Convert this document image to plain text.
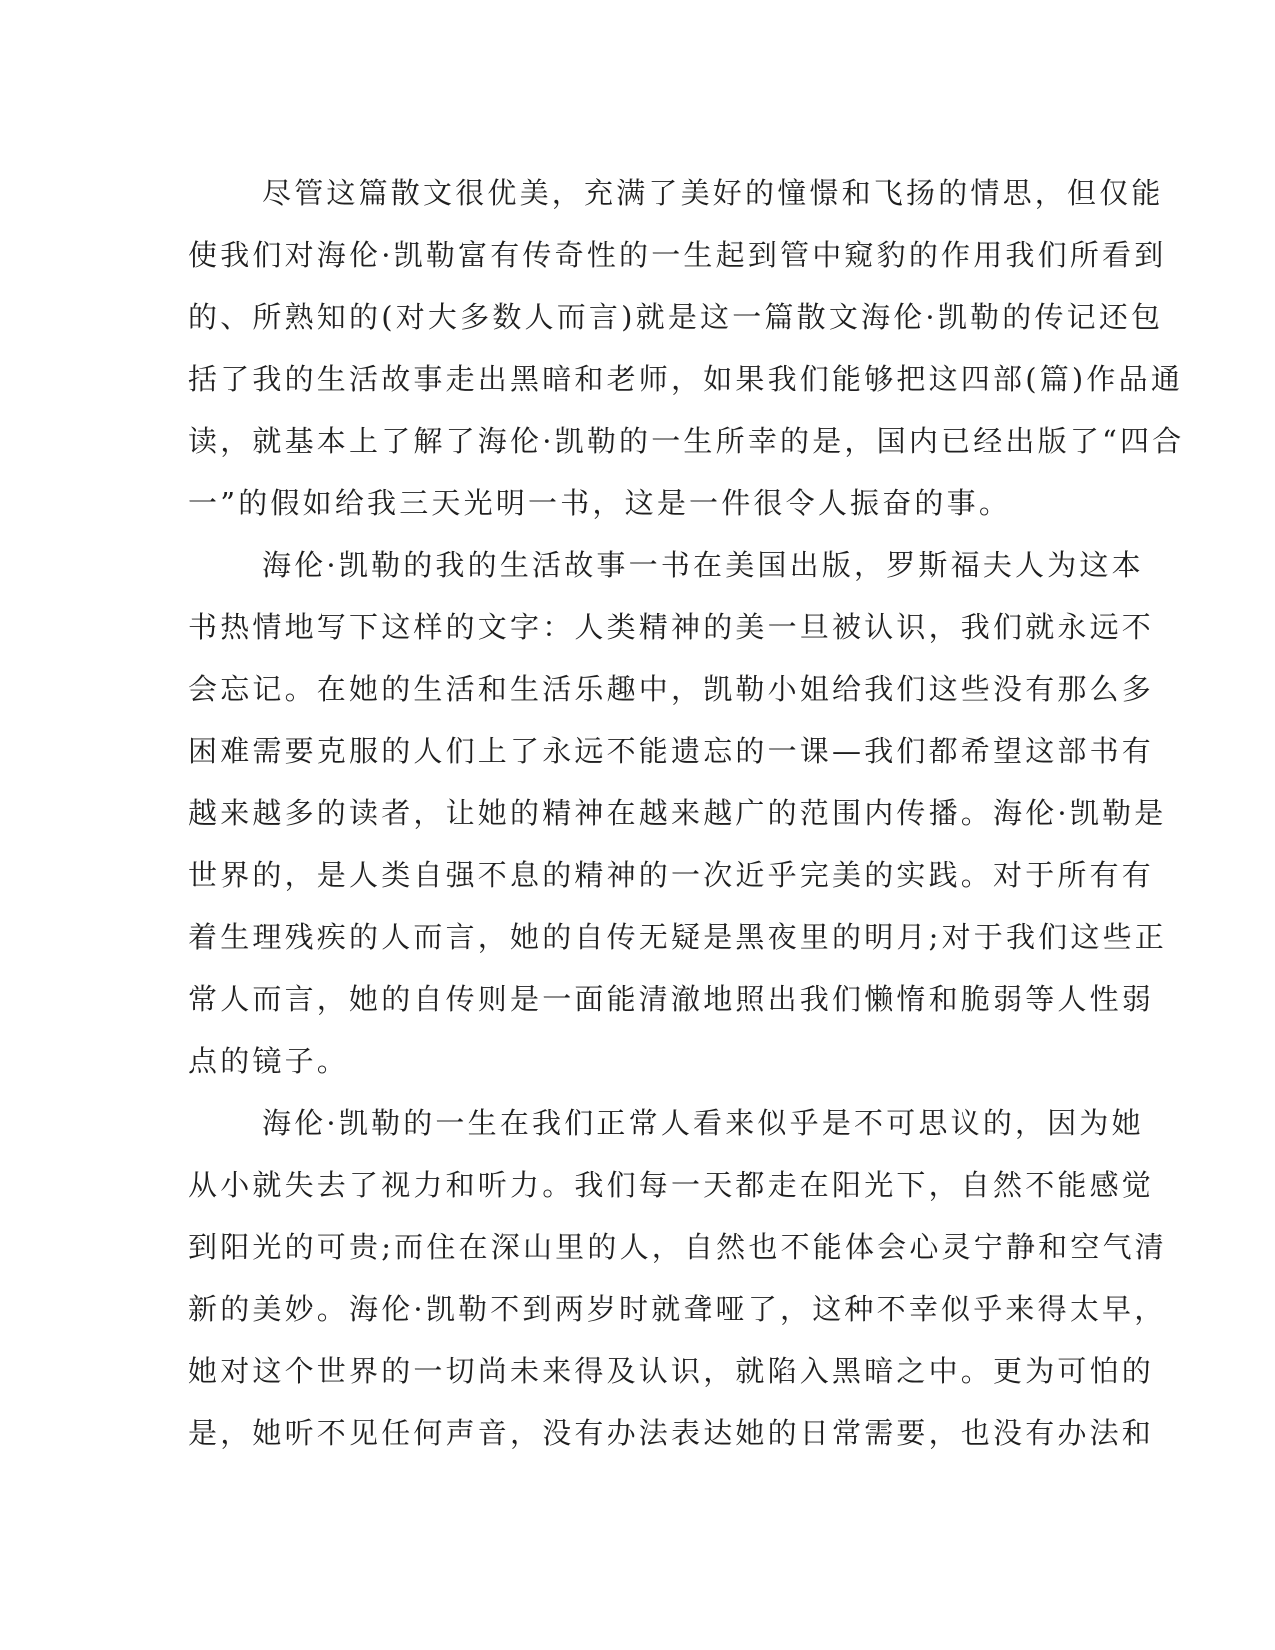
尽管这篇散文很优美，充满了美好的憧憬和飞扬的情思，但仅能
使我们对海伦·凯勒富有传奇性的一生起到管中窥豹的作用我们所看到
的、所熟知的(对大多数人而言)就是这一篇散文海伦·凯勒的传记还包
括了我的生活故事走出黑暗和老师，如果我们能够把这四部(篇)作品通
读，就基本上了解了海伦·凯勒的一生所幸的是，国内已经出版了“四合
一”的假如给我三天光明一书，这是一件很令人振奋的事。
海伦·凯勒的我的生活故事一书在美国出版，罗斯福夫人为这本
书热情地写下这样的文字：人类精神的美一旦被认识，我们就永远不
会忘记。在她的生活和生活乐趣中，凯勒小姐给我们这些没有那么多
困难需要克服的人们上了永远不能遗忘的一课—我们都希望这部书有
越来越多的读者，让她的精神在越来越广的范围内传播。海伦·凯勒是
世界的，是人类自强不息的精神的一次近乎完美的实践。对于所有有
着生理残疾的人而言，她的自传无疑是黑夜里的明月;对于我们这些正
常人而言，她的自传则是一面能清澈地照出我们懒惰和脆弱等人性弱
点的镜子。
海伦·凯勒的一生在我们正常人看来似乎是不可思议的，因为她
从小就失去了视力和听力。我们每一天都走在阳光下，自然不能感觉
到阳光的可贵;而住在深山里的人，自然也不能体会心灵宁静和空气清
新的美妙。海伦·凯勒不到两岁时就聋哑了，这种不幸似乎来得太早，
她对这个世界的一切尚未来得及认识，就陷入黑暗之中。更为可怕的
是，她听不见任何声音，没有办法表达她的日常需要，也没有办法和
